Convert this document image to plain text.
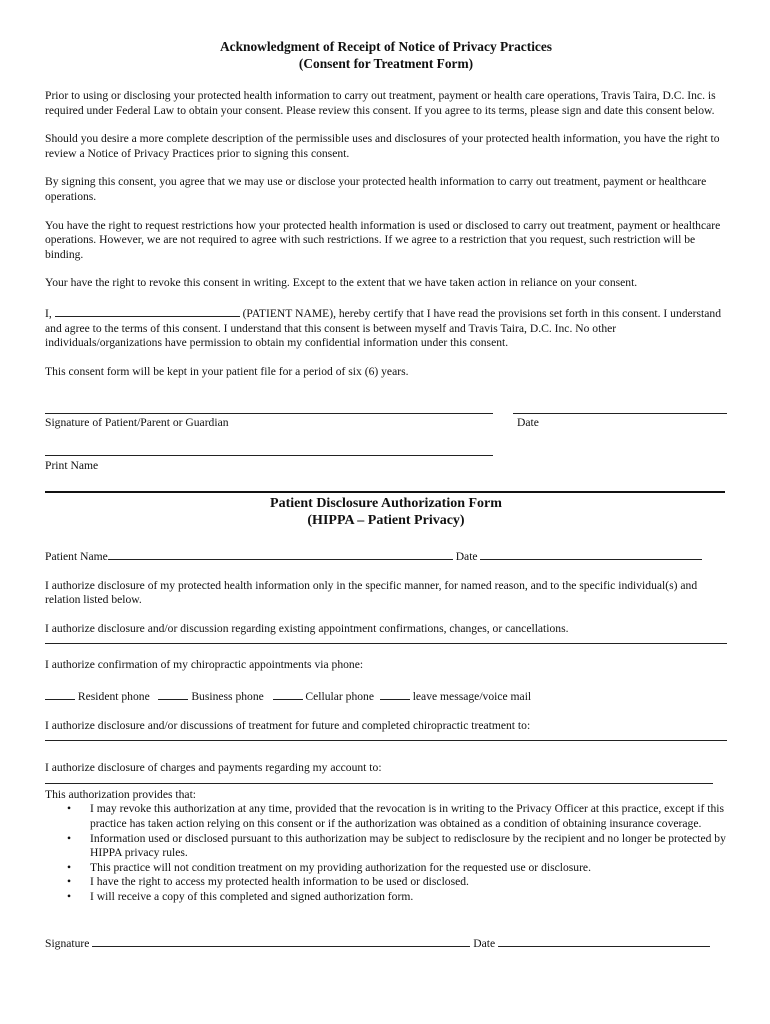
Acknowledgment of Receipt of Notice of Privacy Practices

(Consent for Treatment Form)

Prior to using or disclosing your protected health information to carry out treatment, payment or health care operations, Travis Taira, D.C. Inc. is required under Federal Law to obtain your consent. Please review this consent. If you agree to its terms, please sign and date this consent below.

Should you desire a more complete description of the permissible uses and disclosures of your protected health information, you have the right to review a Notice of Privacy Practices prior to signing this consent.

By signing this consent, you agree that we may use or disclose your protected health information to carry out treatment, payment or healthcare operations.

You have the right to request restrictions how your protected health information is used or disclosed to carry out treatment, payment or healthcare operations. However, we are not required to agree with such restrictions. If we agree to a restriction that you request, such restriction will be binding.

Your have the right to revoke this consent in writing. Except to the extent that we have taken action in reliance on your consent.

I,	(PATIENT NAME), hereby certify that I have read the provisions set forth in this consent. I understand and agree to the terms of this consent. I understand that this consent is between myself and Travis Taira, D.C. Inc. No other individuals/organizations have permission to obtain my confidential information under this consent.

This consent form will be kept in your patient file for a period of six (6) years.

Signature of Patient/Parent or Guardian	Date
Print Name

Patient Disclosure Authorization Form

(HIPPA – Patient Privacy)

Patient Name	Date

I authorize disclosure of my protected health information only in the specific manner, for named reason, and to the specific individual(s) and relation listed below.

I authorize disclosure and/or discussion regarding existing appointment confirmations, changes, or cancellations.

I authorize confirmation of my chiropractic appointments via phone:

Resident phone	Business phone	Cellular phone	leave message/voice mail

I authorize disclosure and/or discussions of treatment for future and completed chiropractic treatment to:

I authorize disclosure of charges and payments regarding my account to:

This authorization provides that:

• I may revoke this authorization at any time, provided that the revocation is in writing to the Privacy Officer at this practice, except if this practice has taken action relying on this consent or if the authorization was obtained as a condition of obtaining insurance coverage.
• Information used or disclosed pursuant to this authorization may be subject to redisclosure by the recipient and no longer be protected by HIPPA privacy rules.
• This practice will not condition treatment on my providing authorization for the requested use or disclosure.
• I have the right to access my protected health information to be used or disclosed.
• I will receive a copy of this completed and signed authorization form.

Signature	Date
